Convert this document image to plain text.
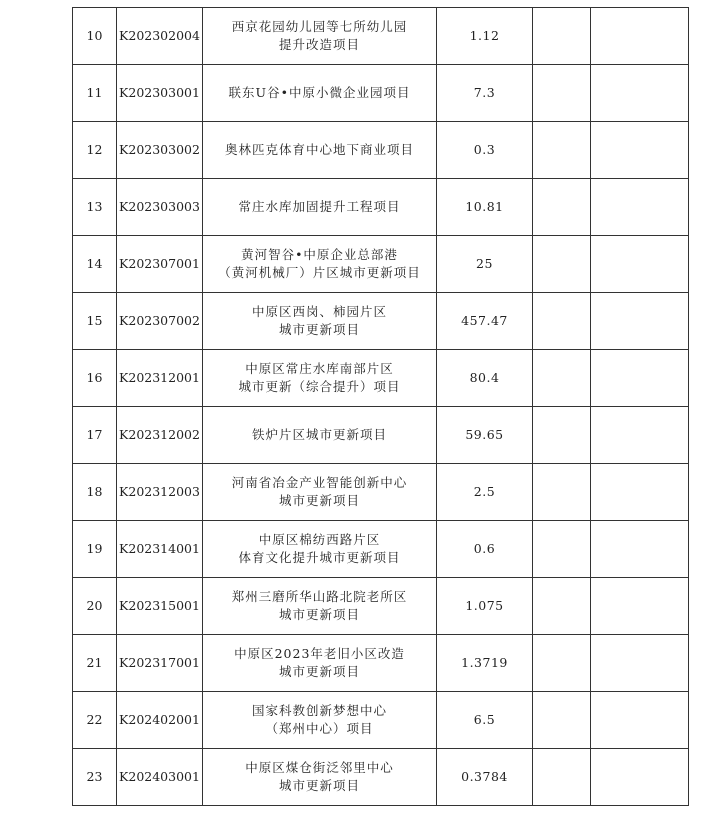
10	K202302004	西京花园幼儿园等七所幼儿园
提升改造项目	1.12		
11	K202303001	联东U谷•中原小微企业园项目	7.3		
12	K202303002	奥林匹克体育中心地下商业项目	0.3		
13	K202303003	常庄水库加固提升工程项目	10.81		
14	K202307001	黄河智谷•中原企业总部港
（黄河机械厂）片区城市更新项目	25		
15	K202307002	中原区西岗、柿园片区
城市更新项目	457.47		
16	K202312001	中原区常庄水库南部片区
城市更新（综合提升）项目	80.4		
17	K202312002	铁炉片区城市更新项目	59.65		
18	K202312003	河南省冶金产业智能创新中心
城市更新项目	2.5		
19	K202314001	中原区棉纺西路片区
体育文化提升城市更新项目	0.6		
20	K202315001	郑州三磨所华山路北院老所区
城市更新项目	1.075		
21	K202317001	中原区2023年老旧小区改造
城市更新项目	1.3719		
22	K202402001	国家科教创新梦想中心
（郑州中心）项目	6.5		
23	K202403001	中原区煤仓街泛邻里中心
城市更新项目	0.3784		
